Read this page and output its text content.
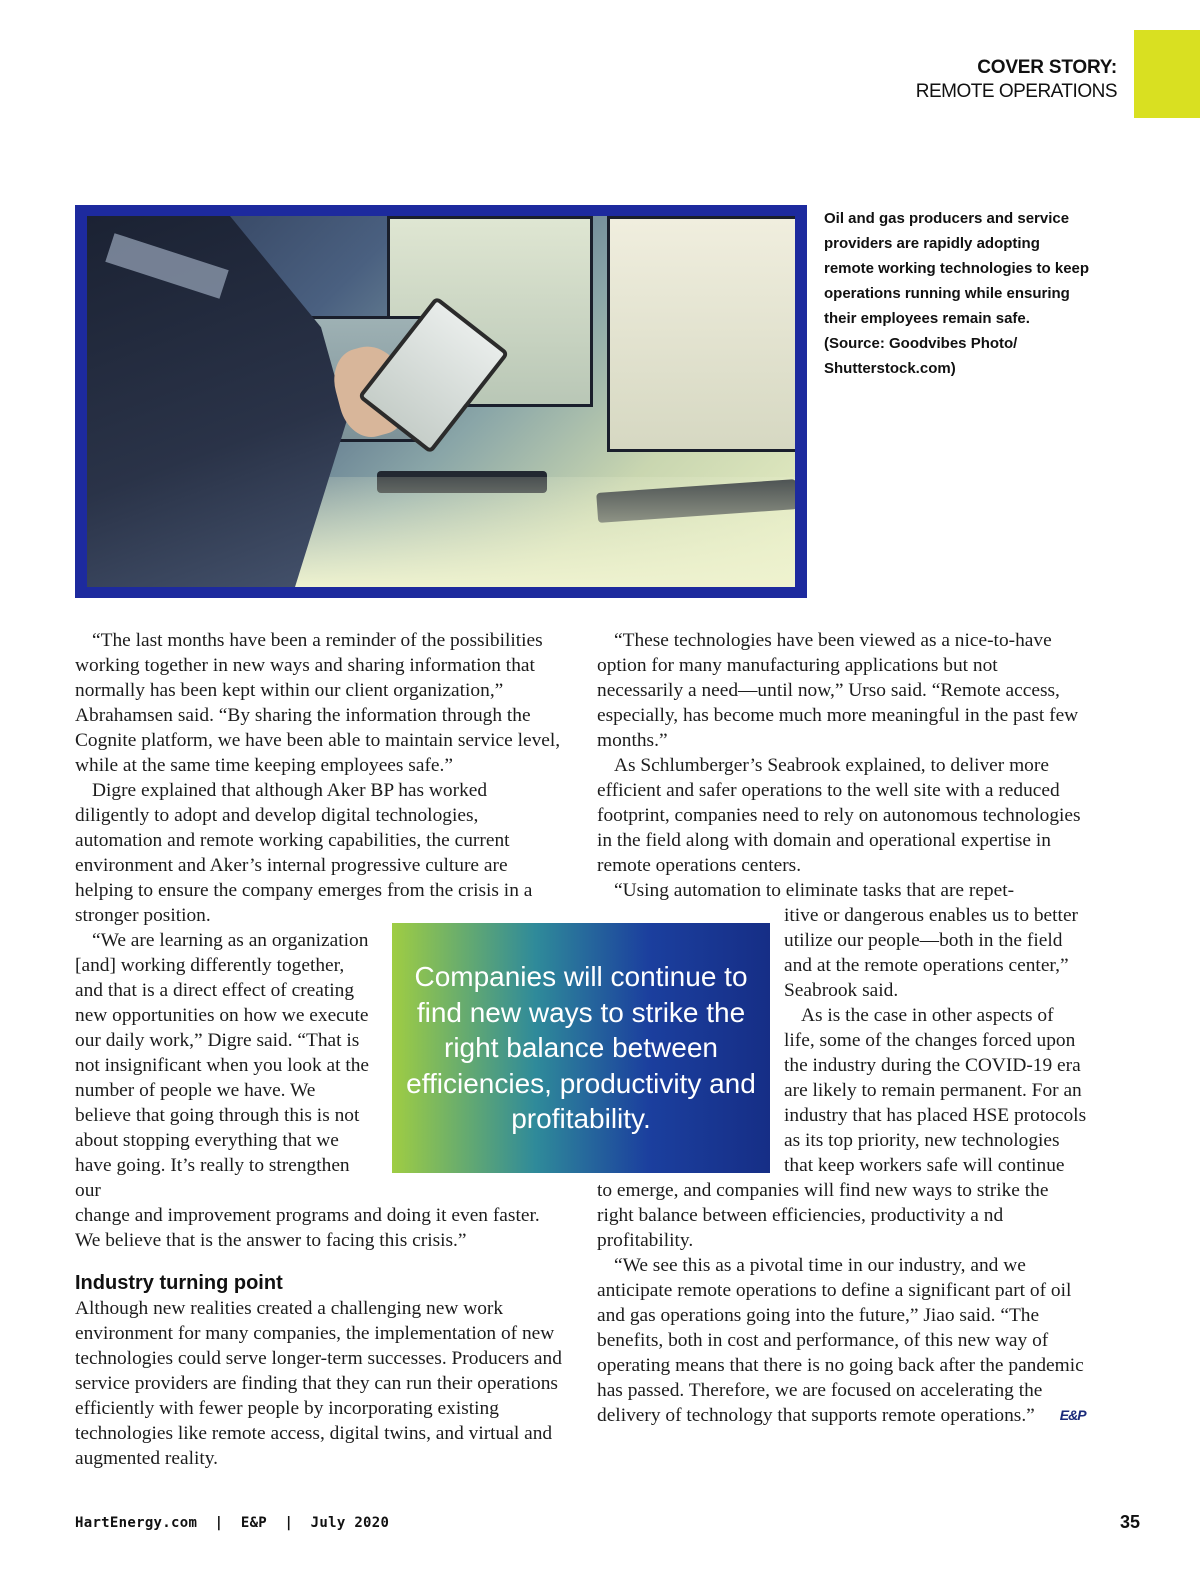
COVER STORY:
REMOTE OPERATIONS
Oil and gas producers and service providers are rapidly adopting remote working technologies to keep operations running while ensuring their employees remain safe. (Source: Goodvibes Photo/ Shutterstock.com)

“The last months have been a reminder of the possibilities working together in new ways and sharing information that normally has been kept within our client organization,” Abrahamsen said. “By sharing the information through the Cognite platform, we have been able to maintain service level, while at the same time keeping employees safe.”

Digre explained that although Aker BP has worked diligently to adopt and develop digital technologies, automation and remote working capabilities, the current environment and Aker’s internal progressive culture are helping to ensure the company emerges from the crisis in a stronger position.

“We are learning as an organization [and] working differently together, and that is a direct effect of creating new opportunities on how we execute our daily work,” Digre said. “That is not insignificant when you look at the number of people we have. We believe that going through this is not about stopping everything that we have going. It’s really to strengthen our

change and improvement programs and doing it even faster. We believe that is the answer to facing this crisis.”

Industry turning point

Although new realities created a challenging new work environment for many companies, the implementation of new technologies could serve longer-term successes. Producers and service providers are finding that they can run their operations efficiently with fewer people by incorporating existing technologies like remote access, digital twins, and virtual and augmented reality.

“These technologies have been viewed as a nice-to-have option for many manufacturing applications but not necessarily a need—until now,” Urso said. “Remote access, especially, has become much more meaningful in the past few months.”

As Schlumberger’s Seabrook explained, to deliver more efficient and safer operations to the well site with a reduced footprint, companies need to rely on autonomous technologies in the field along with domain and operational expertise in remote operations centers.

“Using automation to eliminate tasks that are repet-

itive or dangerous enables us to better utilize our people—both in the field and at the remote operations center,” Seabrook said.

As is the case in other aspects of life, some of the changes forced upon the industry during the COVID-19 era are likely to remain permanent. For an industry that has placed HSE protocols as its top priority, new technologies that keep workers safe will continue

to emerge, and companies will find new ways to strike the right balance between efficiencies, productivity a nd profitability.

“We see this as a pivotal time in our industry, and we anticipate remote operations to define a significant part of oil and gas operations going into the future,” Jiao said. “The benefits, both in cost and performance, of this new way of operating means that there is no going back after the pandemic has passed. Therefore, we are focused on accelerating the delivery of technology that supports remote operations.” E&P

Companies will continue to find new ways to strike the right balance between efficiencies, productivity and profitability.
HartEnergy.com  |  E&P  |  July 2020	35
